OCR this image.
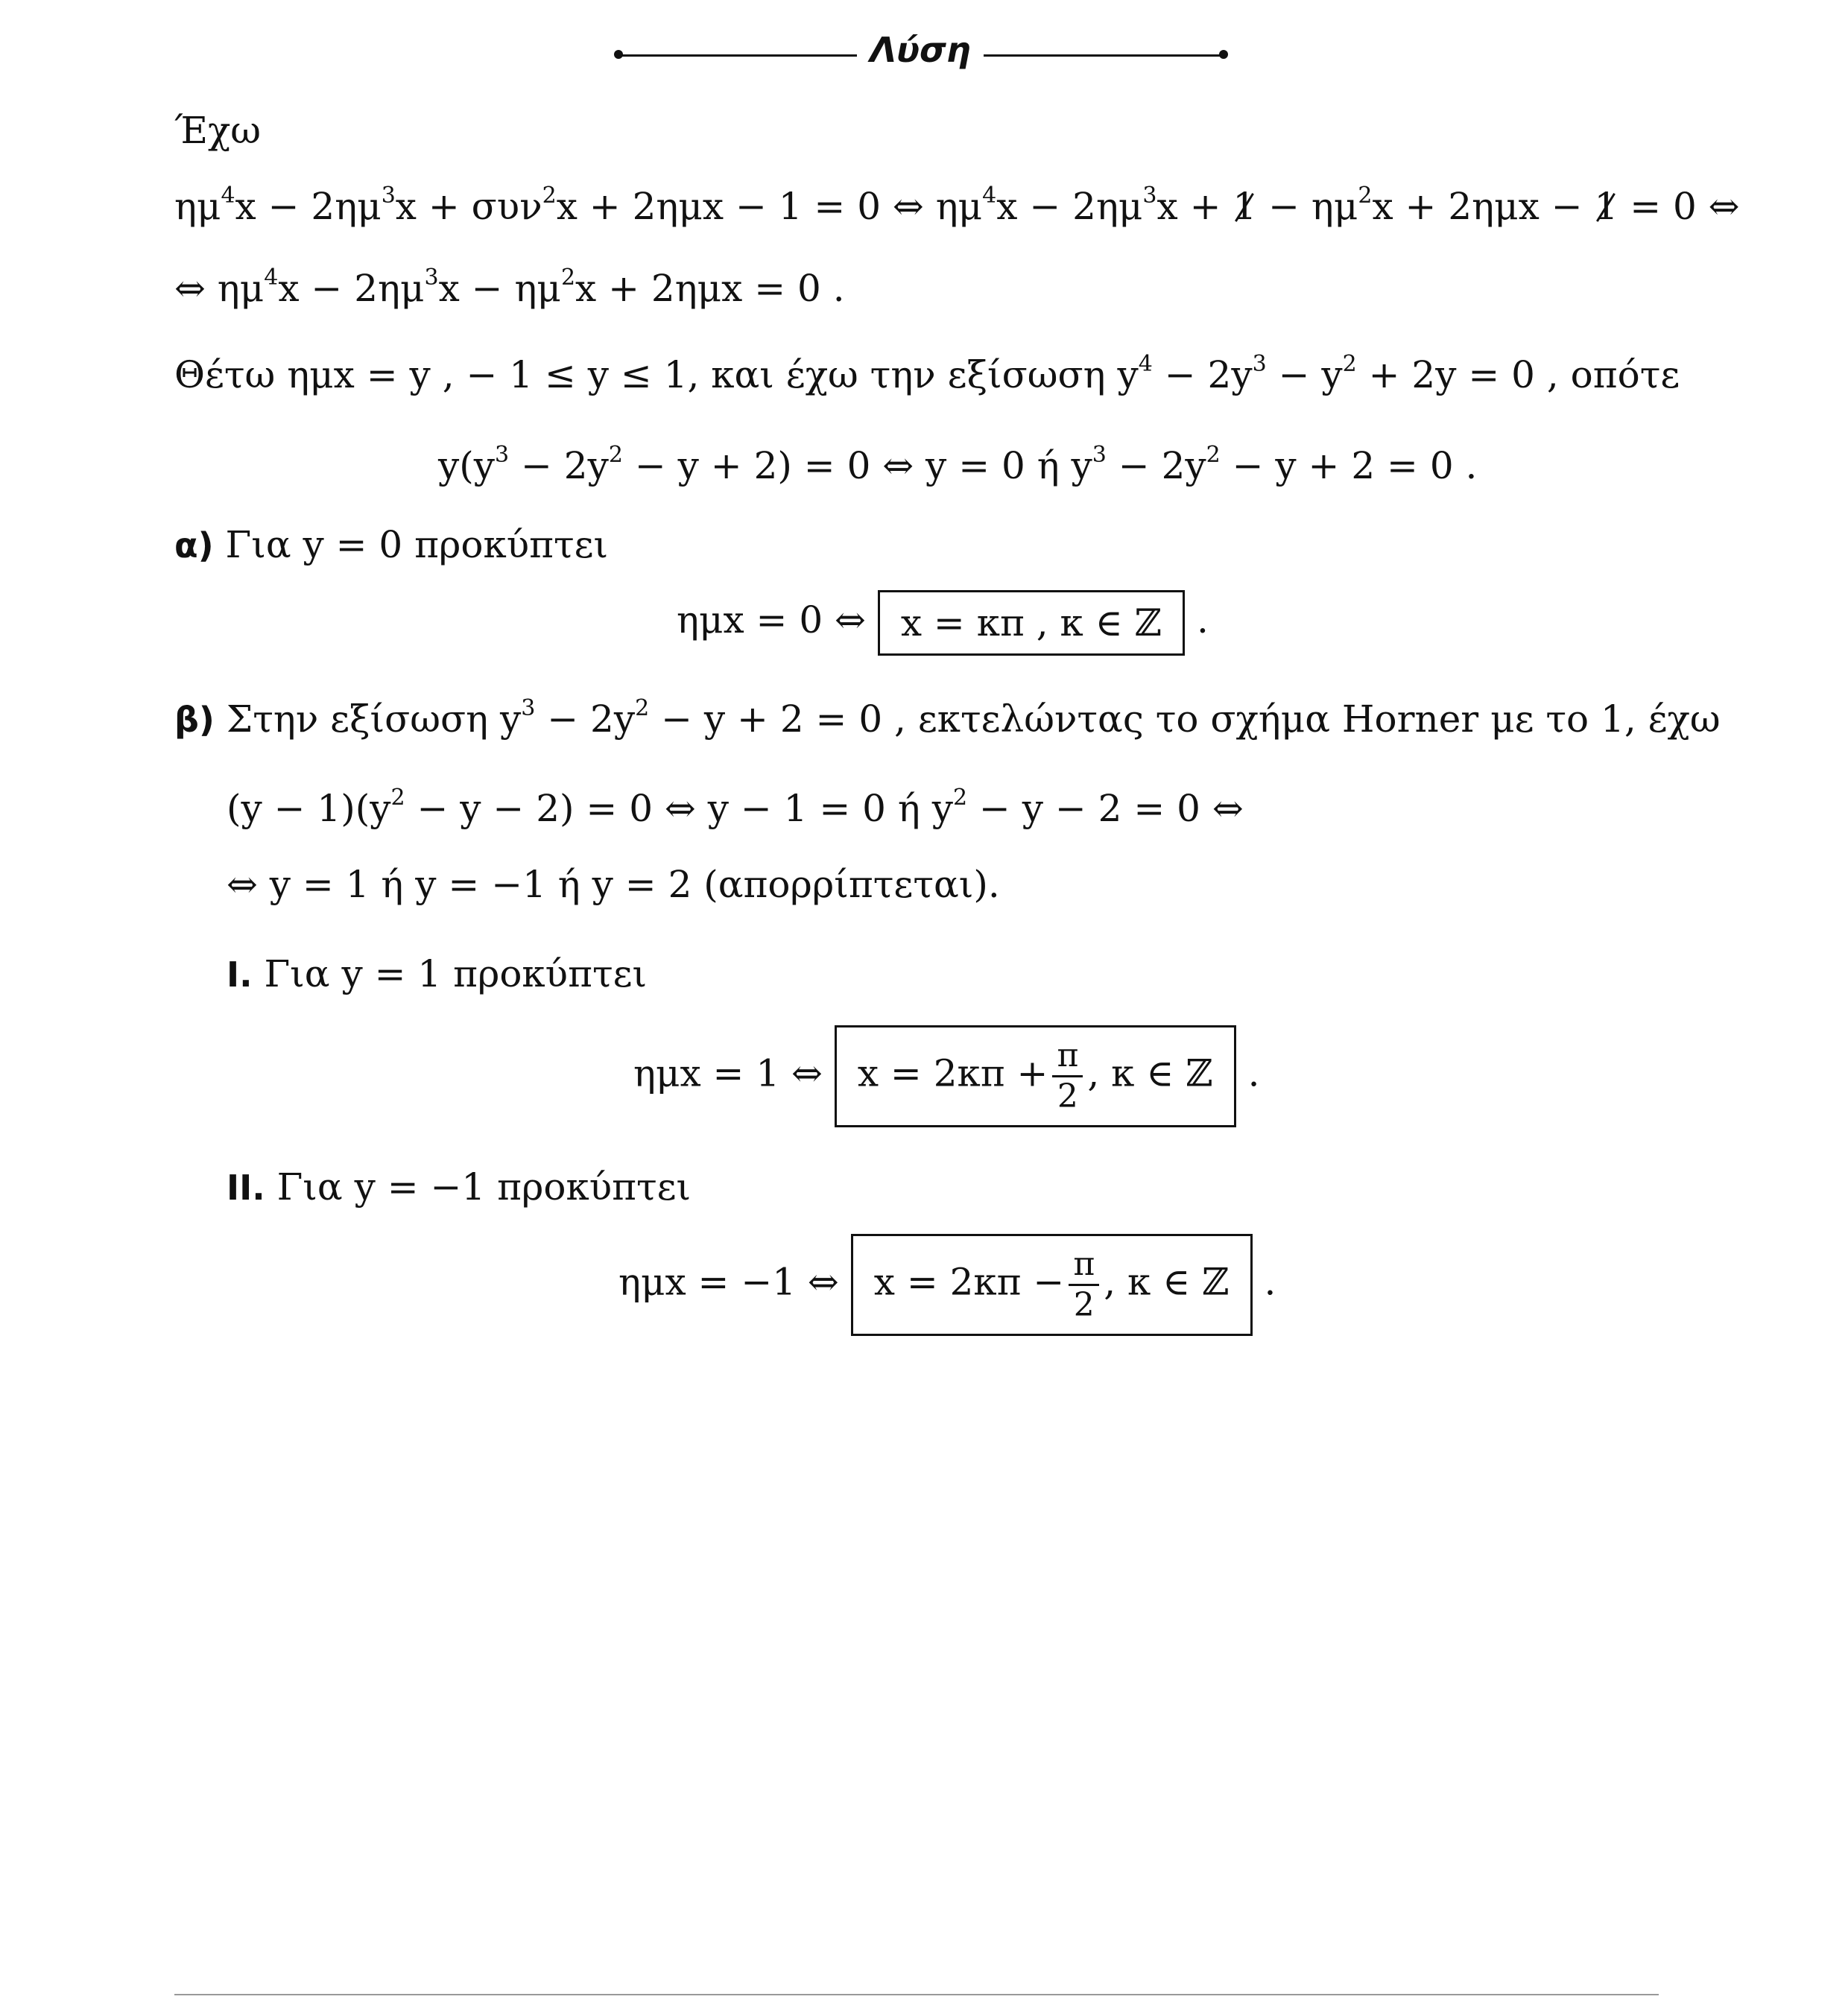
Λύση
Έχω
$\eta\mu^4x - 2\eta\mu^3x + \sigma\upsilon\nu^2x + 2\eta\mu x - 1 = 0$ ⇔ $\eta\mu^4x - 2\eta\mu^3x + 1 - \eta\mu^2x + 2\eta\mu x - 1 = 0$ ⇔
⇔ $\eta\mu^4x - 2\eta\mu^3x - \eta\mu^2x + 2\eta\mu x = 0$ .
Θέτω ημx = y , − 1 ≤ y ≤ 1, και έχω την εξίσωση $y^4 - 2y^3 - y^2 + 2y = 0$ , οπότε
$y(y^3 - 2y^2 - y + 2) = 0$ ⇔ y = 0 ή $y^3 - 2y^2 - y + 2 = 0$ .
α) Για y = 0 προκύπτει
ημx = 0 ⇔ x = κπ , κ ∈ ℤ .
β) Στην εξίσωση $y^3 - 2y^2 - y + 2 = 0$ , εκτελώντας το σχήμα Horner με το 1, έχω
$(y - 1)(y^2 - y - 2) = 0$ ⇔ y − 1 = 0 ή $y^2 - y - 2 = 0$ ⇔
⇔ y = 1 ή y = −1 ή y = 2 (απορρίπτεται).
I. Για y = 1 προκύπτει
ημx = 1 ⇔ $x = 2\kappa\pi + \frac{\pi}{2}$ , κ ∈ ℤ .
II. Για y = −1 προκύπτει
ημx = −1 ⇔ $x = 2\kappa\pi - \frac{\pi}{2}$ , κ ∈ ℤ .
